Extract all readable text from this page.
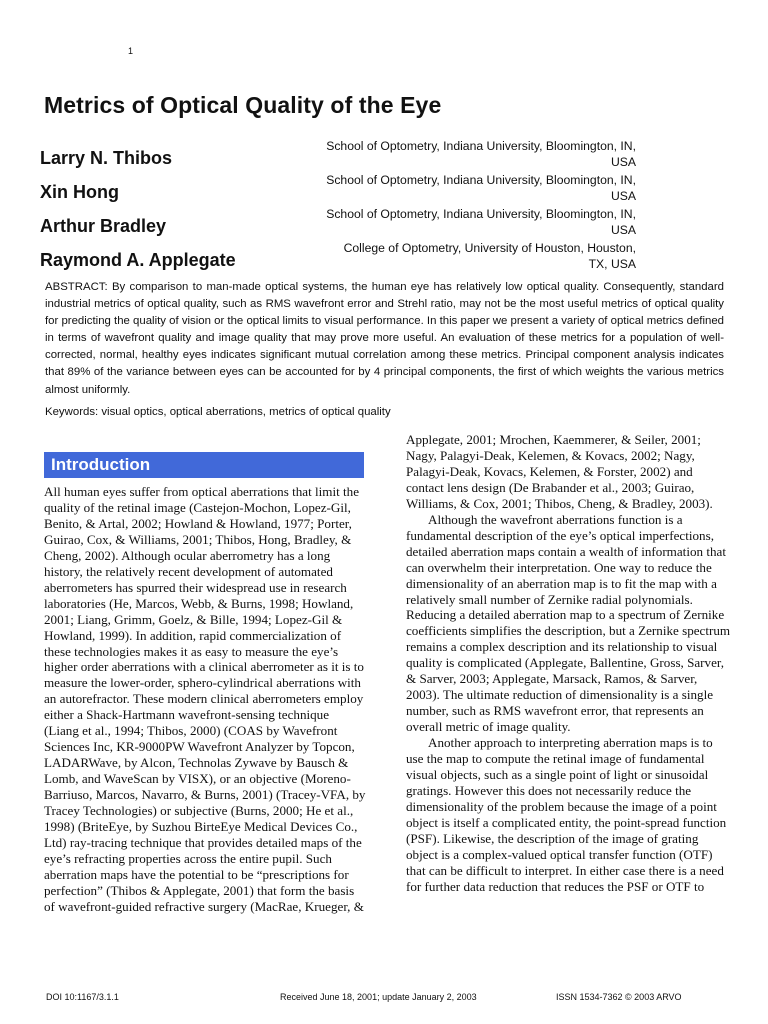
1
Metrics of Optical Quality of the Eye
Larry N. Thibos
School of Optometry, Indiana University, Bloomington, IN,
USA
Xin Hong
School of Optometry, Indiana University, Bloomington, IN,
USA
Arthur Bradley
School of Optometry, Indiana University, Bloomington, IN,
USA
Raymond A. Applegate
College of Optometry, University of Houston, Houston,
TX, USA

ABSTRACT: By comparison to man-made optical systems, the human eye has relatively low optical quality. Consequently, standard industrial metrics of optical quality, such as RMS wavefront error and Strehl ratio, may not be the most useful metrics of optical quality for predicting the quality of vision or the optical limits to visual performance. In this paper we present a variety of optical metrics defined in terms of wavefront quality and image quality that may prove more useful. An evaluation of these metrics for a population of well-corrected, normal, healthy eyes indicates significant mutual correlation among these metrics. Principal component analysis indicates that 89% of the variance between eyes can be accounted for by 4 principal components, the first of which weights the various metrics almost uniformly.

Keywords: visual optics, optical aberrations, metrics of optical quality

Introduction

All human eyes suffer from optical aberrations that limit the quality of the retinal image (Castejon-Mochon, Lopez-Gil, Benito, & Artal, 2002; Howland & Howland, 1977; Porter, Guirao, Cox, & Williams, 2001; Thibos, Hong, Bradley, & Cheng, 2002). Although ocular aberrometry has a long history, the relatively recent development of automated aberrometers has spurred their widespread use in research laboratories (He, Marcos, Webb, & Burns, 1998; Howland, 2001; Liang, Grimm, Goelz, & Bille, 1994; Lopez-Gil & Howland, 1999). In addition, rapid commercialization of these technologies makes it as easy to measure the eye’s higher order aberrations with a clinical aberrometer as it is to measure the lower-order, sphero-cylindrical aberrations with an autorefractor. These modern clinical aberrometers employ either a Shack-Hartmann wavefront-sensing technique (Liang et al., 1994; Thibos, 2000) (COAS by Wavefront Sciences Inc, KR-9000PW Wavefront Analyzer by Topcon, LADARWave, by Alcon, Technolas Zywave by Bausch & Lomb, and WaveScan by VISX), or an objective (Moreno-Barriuso, Marcos, Navarro, & Burns, 2001) (Tracey-VFA, by Tracey Technologies) or subjective (Burns, 2000; He et al., 1998) (BriteEye, by Suzhou BirteEye Medical Devices Co., Ltd) ray-tracing technique that provides detailed maps of the eye’s refracting properties across the entire pupil. Such aberration maps have the potential to be “prescriptions for perfection” (Thibos & Applegate, 2001) that form the basis of wavefront-guided refractive surgery (MacRae, Krueger, &

Applegate, 2001; Mrochen, Kaemmerer, & Seiler, 2001; Nagy, Palagyi-Deak, Kelemen, & Kovacs, 2002; Nagy, Palagyi-Deak, Kovacs, Kelemen, & Forster, 2002) and contact lens design (De Brabander et al., 2003; Guirao, Williams, & Cox, 2001; Thibos, Cheng, & Bradley, 2003).

Although the wavefront aberrations function is a fundamental description of the eye’s optical imperfections, detailed aberration maps contain a wealth of information that can overwhelm their interpretation. One way to reduce the dimensionality of an aberration map is to fit the map with a relatively small number of Zernike radial polynomials. Reducing a detailed aberration map to a spectrum of Zernike coefficients simplifies the description, but a Zernike spectrum remains a complex description and its relationship to visual quality is complicated (Applegate, Ballentine, Gross, Sarver, & Sarver, 2003; Applegate, Marsack, Ramos, & Sarver, 2003). The ultimate reduction of dimensionality is a single number, such as RMS wavefront error, that represents an overall metric of image quality.

Another approach to interpreting aberration maps is to use the map to compute the retinal image of fundamental visual objects, such as a single point of light or sinusoidal gratings. However this does not necessarily reduce the dimensionality of the problem because the image of a point object is itself a complicated entity, the point-spread function (PSF). Likewise, the description of the image of grating object is a complex-valued optical transfer function (OTF) that can be difficult to interpret. In either case there is a need for further data reduction that reduces the PSF or OTF to

DOI 10:1167/3.1.1	Received June 18, 2001; update January 2, 2003	ISSN 1534-7362 © 2003 ARVO
